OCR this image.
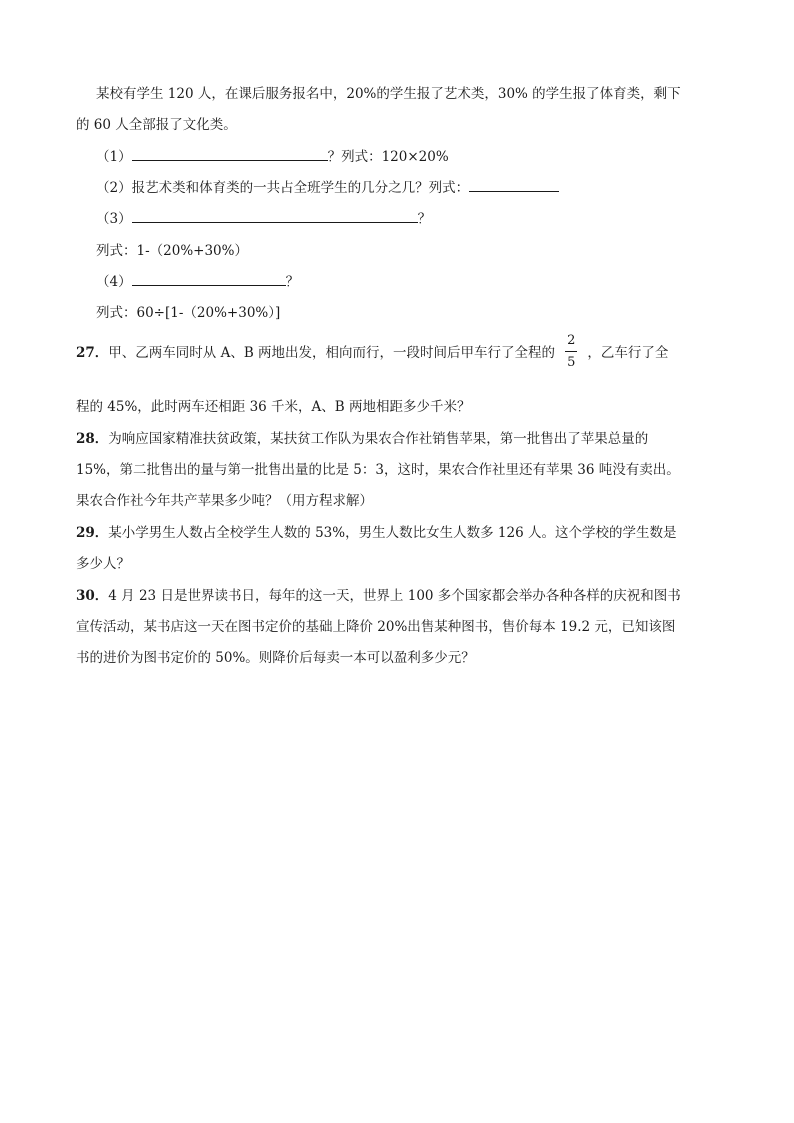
某校有学生 120 人，在课后服务报名中，20%的学生报了艺术类，30% 的学生报了体育类，剩下
的 60 人全部报了文化类。
（1）	？列式：120×20%
（2）报艺术类和体育类的一共占全班学生的几分之几？列式：
（3）	？
列式：1-（20%+30%）
（4）	？
列式：60÷[1-（20%+30%）]
27．甲、乙两车同时从 A、B 两地出发，相向而行，一段时间后甲车行了全程的 $\frac{2}{5}$ ，乙车行了全
程的 45%，此时两车还相距 36 千米，A、B 两地相距多少千米？
28．为响应国家精准扶贫政策，某扶贫工作队为果农合作社销售苹果，第一批售出了苹果总量的
15%，第二批售出的量与第一批售出量的比是 5：3，这时，果农合作社里还有苹果 36 吨没有卖出。
果农合作社今年共产苹果多少吨？（用方程求解）
29．某小学男生人数占全校学生人数的 53%，男生人数比女生人数多 126 人。这个学校的学生数是
多少人？
30．4 月 23 日是世界读书日，每年的这一天，世界上 100 多个国家都会举办各种各样的庆祝和图书
宣传活动，某书店这一天在图书定价的基础上降价 20%出售某种图书，售价每本 19.2 元，已知该图
书的进价为图书定价的 50%。则降价后每卖一本可以盈利多少元？
